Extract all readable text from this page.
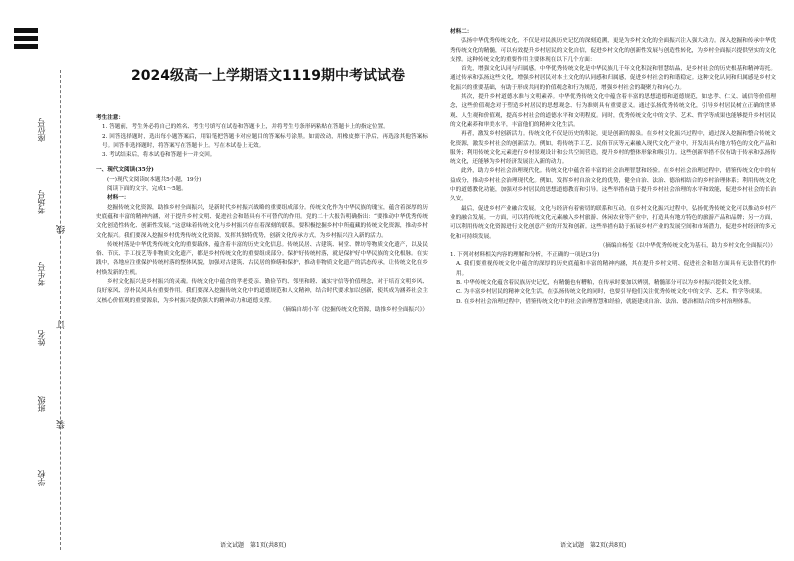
线
订
装
座位号
考场号
考生号
姓名
班级
学校
2024级高一上学期语文1119期中考试试卷

考生注意：

1. 答题前，考生务必将自己的姓名、考生号填写在试卷和答题卡上，并将考生号条形码粘贴在答题卡上的指定位置。

2. 回答选择题时，选出每小题答案后，用铅笔把答题卡对应题目的答案标号涂黑。如需改动，用橡皮擦干净后，再选涂其他答案标号。回答非选择题时，将答案写在答题卡上。写在本试卷上无效。

3. 考试结束后，将本试卷和答题卡一并交回。

一、现代文阅读(35分)

(一)现代文阅读Ⅰ(本题共5小题，19分)

阅读下面的文字，完成1～5题。

材料一：

挖掘传统文化资源，助推乡村全面振兴，是新时代乡村振兴战略的重要组成部分。传统文化作为中华民族的瑰宝，蕴含着深厚的历史底蕴和丰富的精神内涵，对于提升乡村文明、促进社会和谐具有不可替代的作用。党的二十大报告明确指出：“要推动中华优秀传统文化创造性转化、创新性发展。”这意味着传统文化与乡村振兴存在着深刻的联系，要积极挖掘乡村中所蕴藏的传统文化资源，推动乡村文化振兴。我们要深入挖掘乡村优秀传统文化资源，发挥其独特优势，创新文化传承方式，为乡村振兴注入新的活力。

传统村落是中华优秀传统文化的重要载体，蕴含着丰富的历史文化信息。传统民居、古建筑、祠堂、牌坊等物质文化遗产，以及民俗、节庆、手工技艺等非物质文化遗产，都是乡村传统文化的重要组成部分。保护好传统村落，就是保护好中华民族的文化根脉。在实践中，各地应注重保护传统村落的整体风貌，加强对古建筑、古民居的修缮和保护，推动非物质文化遗产的活态传承，让传统文化在乡村焕发新的生机。

乡村文化振兴是乡村振兴的灵魂。传统文化中蕴含的孝老爱亲、勤俭节约、邻里和睦、诚实守信等价值理念，对于培育文明乡风、良好家风、淳朴民风具有重要作用。我们要深入挖掘传统文化中的道德规范和人文精神，结合时代要求加以创新，使其成为涵养社会主义核心价值观的重要源泉，为乡村振兴提供强大的精神动力和道德支撑。

（摘编自胡小军《挖掘传统文化资源，助推乡村全面振兴》）

语文试题　第1页(共8页)

材料二：

弘扬中华优秀传统文化，不仅是对民族历史记忆的深刻追溯，更是为乡村文化的全面振兴注入强大动力。深入挖掘和传承中华优秀传统文化的精髓，可以有效提升乡村居民的文化自信，促进乡村文化的创新性发展与创造性转化，为乡村全面振兴提供坚实的文化支撑。这种传统文化的重要作用主要体现在以下几个方面：

首先，增强文化认同与归属感。中华优秀传统文化是中华民族几千年文化积淀和智慧结晶，是乡村社会的历史根基和精神寄托。通过传承和弘扬这些文化，增强乡村居民对本土文化的认同感和归属感，促进乡村社会的和谐稳定。这种文化认同和归属感是乡村文化振兴的重要基础，有助于形成共同的价值观念和行为规范，增强乡村社会的凝聚力和向心力。

其次，提升乡村道德水准与文明素养。中华优秀传统文化中蕴含着丰富的思想道德和道德规范，如忠孝、仁义、诚信等价值理念，这些价值观念对于塑造乡村居民的思想观念、行为准则具有重要意义。通过弘扬优秀传统文化，引导乡村居民树立正确的世界观、人生观和价值观，提高乡村社会的道德水平和文明程度。同时，优秀传统文化中的文学、艺术、哲学等成果也能够提升乡村居民的文化素养和审美水平，丰富他们的精神文化生活。

再者，激发乡村创新活力。传统文化不仅是历史的积淀，更是创新的源泉。在乡村文化振兴过程中，通过深入挖掘和整合传统文化资源，激发乡村社会的创新活力。例如，将传统手工艺、民俗节庆等元素融入现代文化产业中，开发出具有地方特色的文化产品和服务；利用传统文化元素进行乡村景观设计和公共空间营造，提升乡村的整体形象和吸引力。这些创新举措不仅有助于传承和弘扬传统文化，还能够为乡村经济发展注入新的动力。

此外，助力乡村社会治理现代化。传统文化中蕴含着丰富的社会治理智慧和经验。在乡村社会治理过程中，借鉴传统文化中的有益成分，推动乡村社会治理现代化。例如，发挥乡村自治文化的优势，健全自治、法治、德治相结合的乡村治理体系；利用传统文化中的道德教化功能，加强对乡村居民的思想道德教育和引导。这些举措有助于提升乡村社会治理的水平和效能，促进乡村社会的长治久安。

最后，促进乡村产业融合发展。文化与经济有着密切的联系和互动。在乡村文化振兴过程中，弘扬优秀传统文化可以推动乡村产业的融合发展。一方面，可以将传统文化元素融入乡村旅游、休闲农业等产业中，打造具有地方特色的旅游产品和品牌；另一方面，可以利用传统文化资源进行文化创意产业的开发和创新。这些举措有助于拓展乡村产业的发展空间和市场潜力，促进乡村经济的多元化和可持续发展。

（摘编自杨玺《以中华优秀传统文化为基石，助力乡村文化全面振兴》）

1. 下列对材料相关内容的理解和分析，不正确的一项是(3分)

A. 我们要重视传统文化中蕴含的深厚的历史底蕴和丰富的精神内涵，其在提升乡村文明、促进社会和谐方面具有无法替代的作用。

B. 中华传统文化蕴含着民族历史记忆，有精髓也有糟粕，在传承时要加以辨别，精髓部分可以为乡村振兴提供文化支撑。

C. 为丰富乡村居民的精神文化生活，在弘扬传统文化的同时，也要引导他们关注优秀传统文化中的文学、艺术、哲学等成果。

D. 在乡村社会治理过程中，借鉴传统文化中的社会治理智慧和经验，就能建成自治、法治、德治相结合的乡村治理体系。

语文试题　第2页(共8页)
